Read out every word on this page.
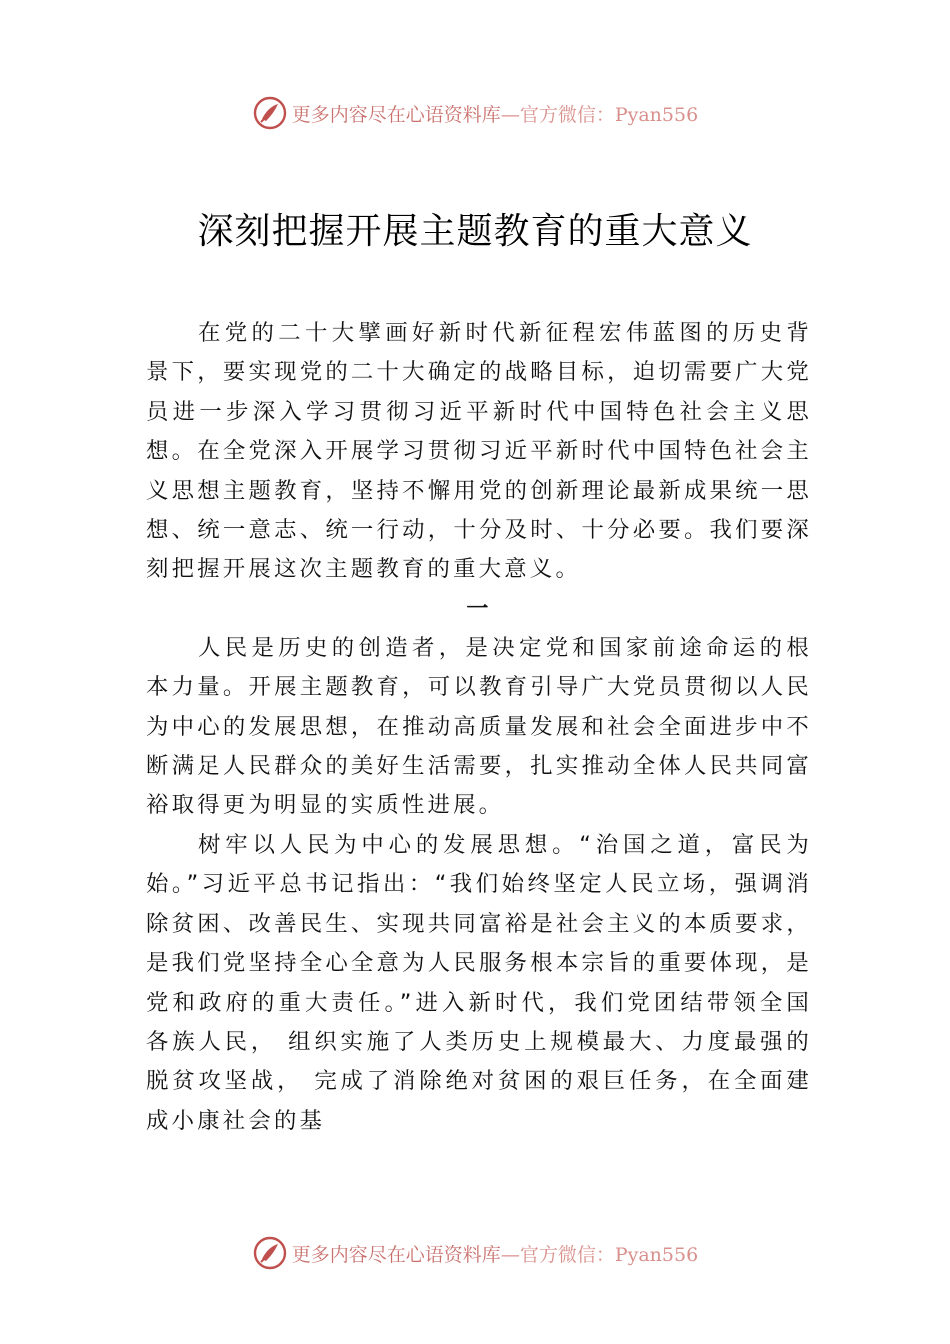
更多内容尽在心语资料库—官方微信：Pyan556
深刻把握开展主题教育的重大意义

在党的二十大擘画好新时代新征程宏伟蓝图的历史背景下，要实现党的二十大确定的战略目标，迫切需要广大党员进一步深入学习贯彻习近平新时代中国特色社会主义思想。在全党深入开展学习贯彻习近平新时代中国特色社会主义思想主题教育，坚持不懈用党的创新理论最新成果统一思想、统一意志、统一行动，十分及时、十分必要。我们要深刻把握开展这次主题教育的重大意义。

一

人民是历史的创造者，是决定党和国家前途命运的根本力量。开展主题教育，可以教育引导广大党员贯彻以人民为中心的发展思想，在推动高质量发展和社会全面进步中不断满足人民群众的美好生活需要，扎实推动全体人民共同富裕取得更为明显的实质性进展。

树牢以人民为中心的发展思想。“治国之道，富民为始。”习近平总书记指出：“我们始终坚定人民立场，强调消除贫困、改善民生、实现共同富裕是社会主义的本质要求，是我们党坚持全心全意为人民服务根本宗旨的重要体现，是党和政府的重大责任。”进入新时代，我们党团结带领全国各族人民， 组织实施了人类历史上规模最大、力度最强的脱贫攻坚战， 完成了消除绝对贫困的艰巨任务，在全面建成小康社会的基

更多内容尽在心语资料库—官方微信：Pyan556
